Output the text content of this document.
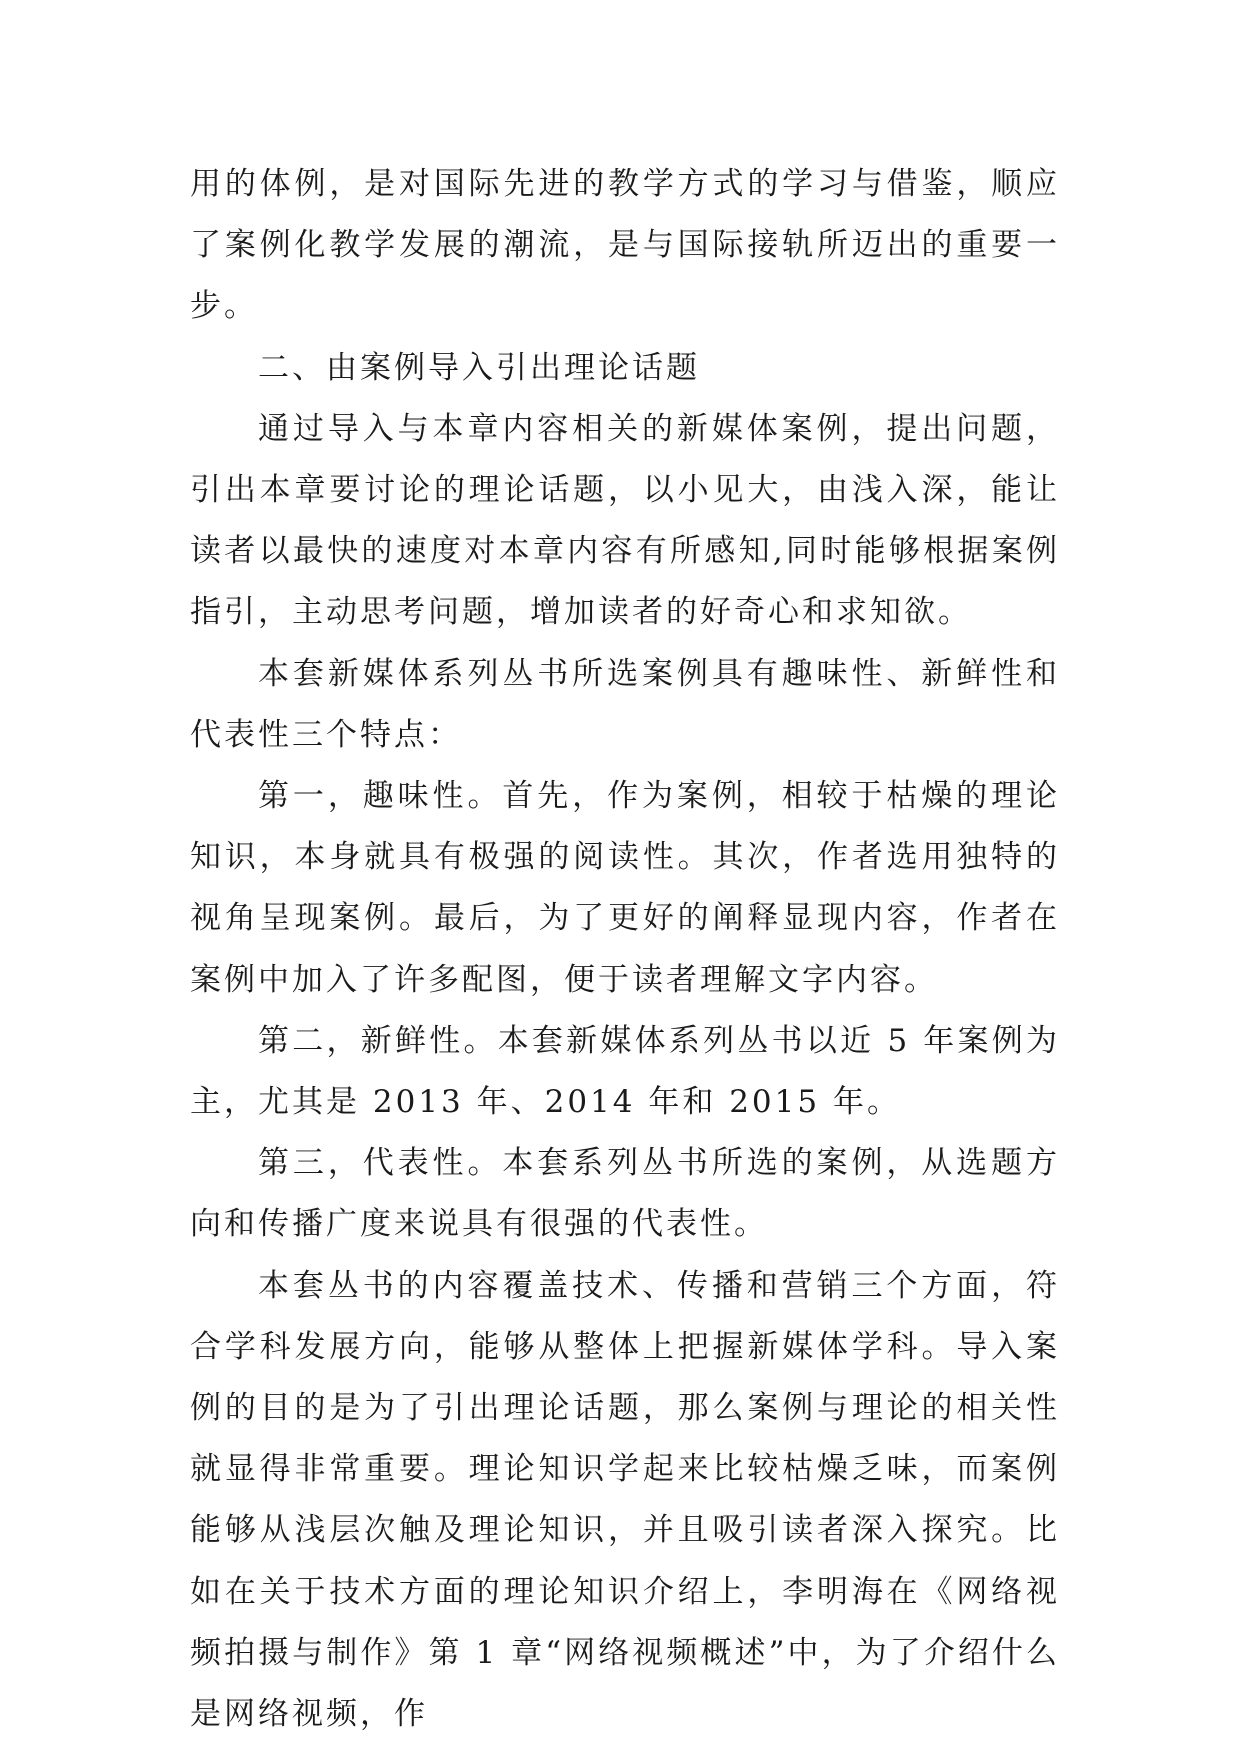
用的体例，是对国际先进的教学方式的学习与借鉴，顺应了案例化教学发展的潮流，是与国际接轨所迈出的重要一步。

二、由案例导入引出理论话题

通过导入与本章内容相关的新媒体案例，提出问题，引出本章要讨论的理论话题，以小见大，由浅入深，能让读者以最快的速度对本章内容有所感知,同时能够根据案例指引，主动思考问题，增加读者的好奇心和求知欲。

本套新媒体系列丛书所选案例具有趣味性、新鲜性和代表性三个特点：

第一，趣味性。首先，作为案例，相较于枯燥的理论知识，本身就具有极强的阅读性。其次，作者选用独特的视角呈现案例。最后，为了更好的阐释显现内容，作者在案例中加入了许多配图，便于读者理解文字内容。

第二，新鲜性。本套新媒体系列丛书以近 5 年案例为主，尤其是 2013 年、2014 年和 2015 年。

第三，代表性。本套系列丛书所选的案例，从选题方向和传播广度来说具有很强的代表性。

本套丛书的内容覆盖技术、传播和营销三个方面，符合学科发展方向，能够从整体上把握新媒体学科。导入案例的目的是为了引出理论话题，那么案例与理论的相关性就显得非常重要。理论知识学起来比较枯燥乏味，而案例能够从浅层次触及理论知识，并且吸引读者深入探究。比如在关于技术方面的理论知识介绍上，李明海在《网络视频拍摄与制作》第 1 章“网络视频概述”中，为了介绍什么是网络视频，作
